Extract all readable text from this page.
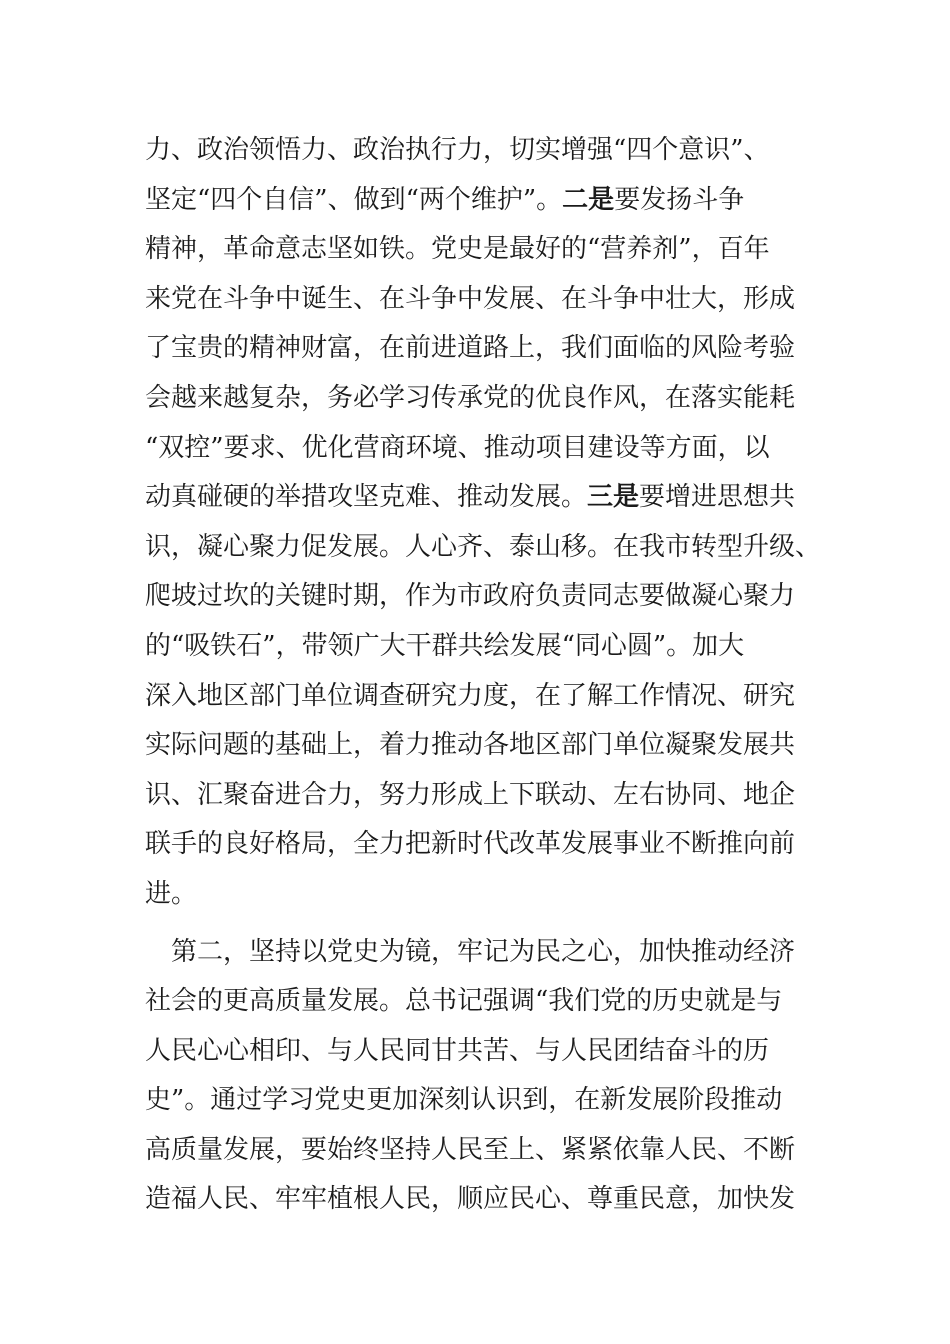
力、政治领悟力、政治执行力，切实增强“四个意识”、
坚定“四个自信”、做到“两个维护”。二是要发扬斗争
精神，革命意志坚如铁。党史是最好的“营养剂”，百年
来党在斗争中诞生、在斗争中发展、在斗争中壮大，形成
了宝贵的精神财富，在前进道路上，我们面临的风险考验
会越来越复杂，务必学习传承党的优良作风，在落实能耗
“双控”要求、优化营商环境、推动项目建设等方面，以
动真碰硬的举措攻坚克难、推动发展。三是要增进思想共
识，凝心聚力促发展。人心齐、泰山移。在我市转型升级、
爬坡过坎的关键时期，作为市政府负责同志要做凝心聚力
的“吸铁石”，带领广大干群共绘发展“同心圆”。加大
深入地区部门单位调查研究力度，在了解工作情况、研究
实际问题的基础上，着力推动各地区部门单位凝聚发展共
识、汇聚奋进合力，努力形成上下联动、左右协同、地企
联手的良好格局，全力把新时代改革发展事业不断推向前
进。
第二，坚持以党史为镜，牢记为民之心，加快推动经济
社会的更高质量发展。总书记强调“我们党的历史就是与
人民心心相印、与人民同甘共苦、与人民团结奋斗的历
史”。通过学习党史更加深刻认识到，在新发展阶段推动
高质量发展，要始终坚持人民至上、紧紧依靠人民、不断
造福人民、牢牢植根人民，顺应民心、尊重民意，加快发
